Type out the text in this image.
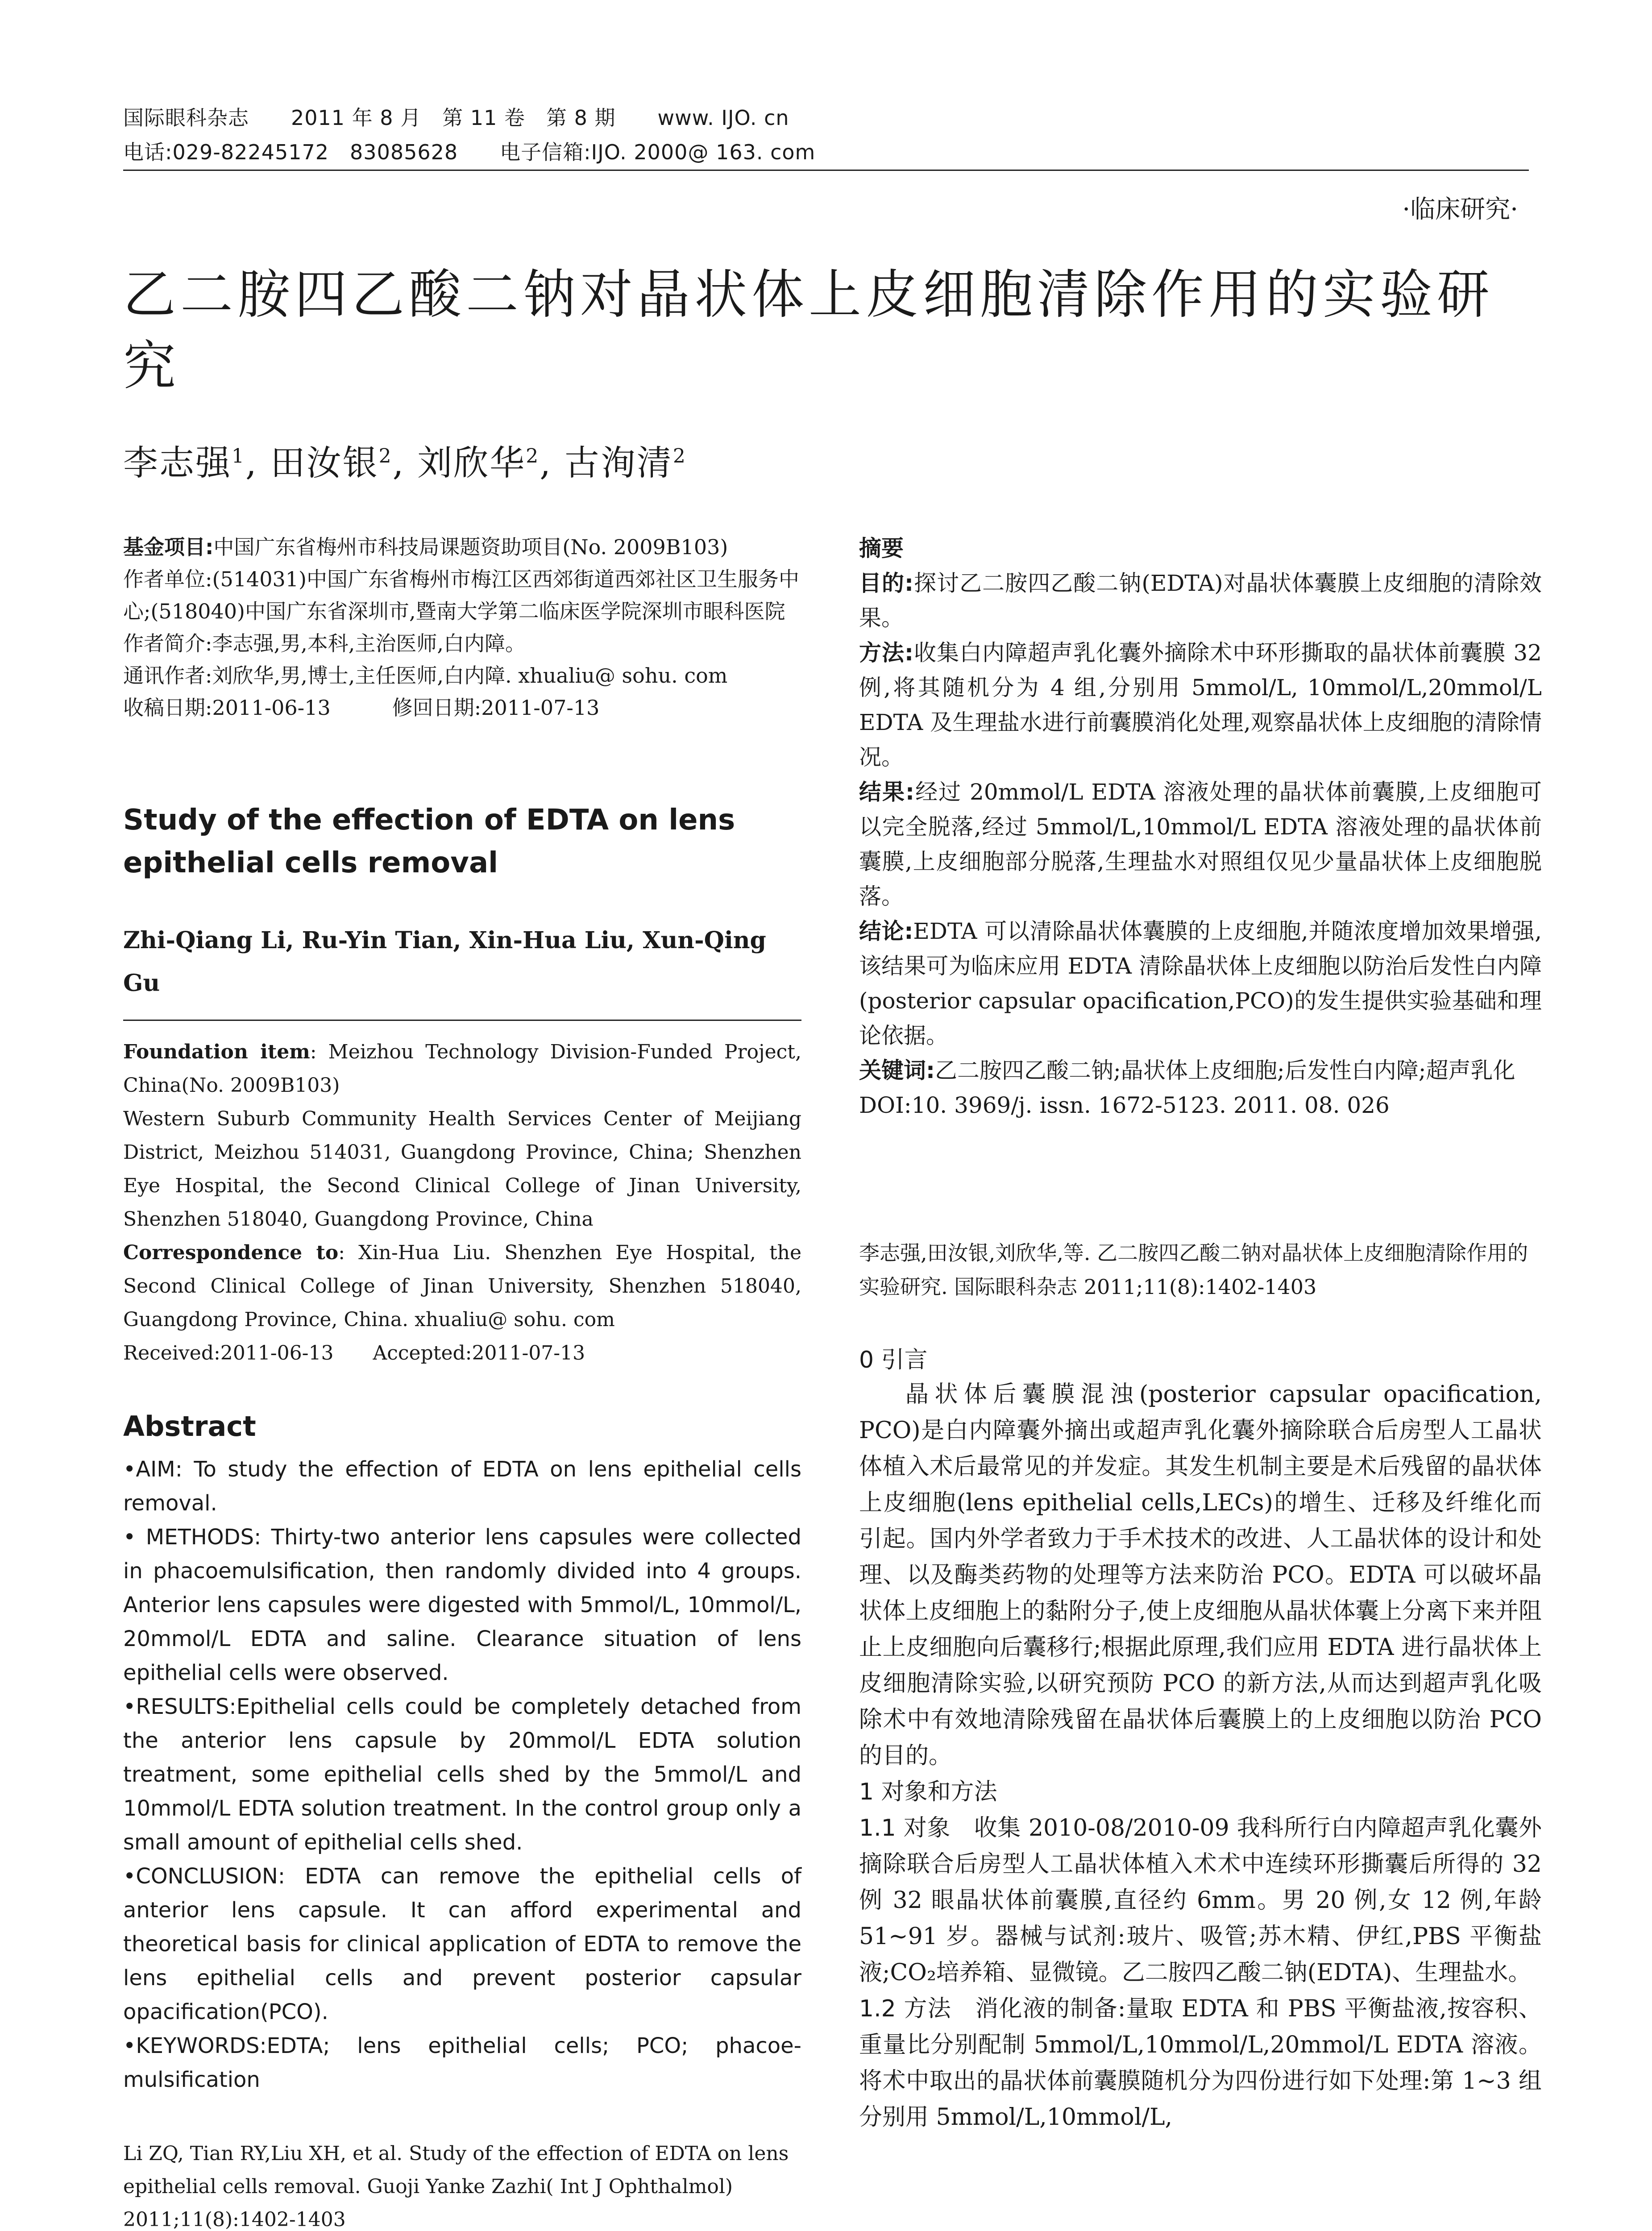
国际眼科杂志　　2011 年 8 月　第 11 卷　第 8 期　　www. IJO. cn
电话:029-82245172　83085628　　电子信箱:IJO. 2000@ 163. com
·临床研究·
乙二胺四乙酸二钠对晶状体上皮细胞清除作用的实验研究
李志强$^1$, 田汝银$^2$, 刘欣华$^2$, 古洵清$^2$
基金项目:中国广东省梅州市科技局课题资助项目(No. 2009B103)
作者单位:(514031)中国广东省梅州市梅江区西郊街道西郊社区卫生服务中心;(518040)中国广东省深圳市,暨南大学第二临床医学院深圳市眼科医院
作者简介:李志强,男,本科,主治医师,白内障。
通讯作者:刘欣华,男,博士,主任医师,白内障. xhualiu@ sohu. com
收稿日期:2011-06-13　　　修回日期:2011-07-13
Study of the effection of EDTA on lens epithelial cells removal
Zhi-Qiang Li, Ru-Yin Tian, Xin-Hua Liu, Xun-Qing Gu
Foundation item: Meizhou Technology Division-Funded Project, China(No. 2009B103)
Western Suburb Community Health Services Center of Meijiang District, Meizhou 514031, Guangdong Province, China; Shenzhen Eye Hospital, the Second Clinical College of Jinan University, Shenzhen 518040, Guangdong Province, China
Correspondence to: Xin-Hua Liu. Shenzhen Eye Hospital, the Second Clinical College of Jinan University, Shenzhen 518040, Guangdong Province, China. xhualiu@ sohu. com
Received:2011-06-13　　Accepted:2011-07-13
Abstract

•AIM: To study the effection of EDTA on lens epithelial cells removal.

• METHODS: Thirty-two anterior lens capsules were collected in phacoemulsification, then randomly divided into 4 groups. Anterior lens capsules were digested with 5mmol/L, 10mmol/L, 20mmol/L EDTA and saline. Clearance situation of lens epithelial cells were observed.

•RESULTS:Epithelial cells could be completely detached from the anterior lens capsule by 20mmol/L EDTA solution treatment, some epithelial cells shed by the 5mmol/L and 10mmol/L EDTA solution treatment. In the control group only a small amount of epithelial cells shed.

•CONCLUSION: EDTA can remove the epithelial cells of anterior lens capsule. It can afford experimental and theoretical basis for clinical application of EDTA to remove the lens epithelial cells and prevent posterior capsular opacification(PCO).

•KEYWORDS:EDTA; lens epithelial cells; PCO; phacoe-mulsification

Li ZQ, Tian RY,Liu XH, et al. Study of the effection of EDTA on lens epithelial cells removal. Guoji Yanke Zazhi( Int J Ophthalmol) 2011;11(8):1402-1403

摘要

目的:探讨乙二胺四乙酸二钠(EDTA)对晶状体囊膜上皮细胞的清除效果。

方法:收集白内障超声乳化囊外摘除术中环形撕取的晶状体前囊膜 32 例,将其随机分为 4 组,分别用 5mmol/L, 10mmol/L,20mmol/L EDTA 及生理盐水进行前囊膜消化处理,观察晶状体上皮细胞的清除情况。

结果:经过 20mmol/L EDTA 溶液处理的晶状体前囊膜,上皮细胞可以完全脱落,经过 5mmol/L,10mmol/L EDTA 溶液处理的晶状体前囊膜,上皮细胞部分脱落,生理盐水对照组仅见少量晶状体上皮细胞脱落。

结论:EDTA 可以清除晶状体囊膜的上皮细胞,并随浓度增加效果增强,该结果可为临床应用 EDTA 清除晶状体上皮细胞以防治后发性白内障(posterior capsular opacification,PCO)的发生提供实验基础和理论依据。

关键词:乙二胺四乙酸二钠;晶状体上皮细胞;后发性白内障;超声乳化

DOI:10. 3969/j. issn. 1672-5123. 2011. 08. 026

李志强,田汝银,刘欣华,等. 乙二胺四乙酸二钠对晶状体上皮细胞清除作用的实验研究. 国际眼科杂志 2011;11(8):1402-1403
0 引言

晶状体后囊膜混浊(posterior capsular opacification, PCO)是白内障囊外摘出或超声乳化囊外摘除联合后房型人工晶状体植入术后最常见的并发症。其发生机制主要是术后残留的晶状体上皮细胞(lens epithelial cells,LECs)的增生、迁移及纤维化而引起。国内外学者致力于手术技术的改进、人工晶状体的设计和处理、以及酶类药物的处理等方法来防治 PCO。EDTA 可以破坏晶状体上皮细胞上的黏附分子,使上皮细胞从晶状体囊上分离下来并阻止上皮细胞向后囊移行;根据此原理,我们应用 EDTA 进行晶状体上皮细胞清除实验,以研究预防 PCO 的新方法,从而达到超声乳化吸除术中有效地清除残留在晶状体后囊膜上的上皮细胞以防治 PCO 的目的。

1 对象和方法

1.1 对象　 收集 2010-08/2010-09 我科所行白内障超声乳化囊外摘除联合后房型人工晶状体植入术术中连续环形撕囊后所得的 32 例 32 眼晶状体前囊膜,直径约 6mm。男 20 例,女 12 例,年龄 51~91 岁。器械与试剂:玻片、吸管;苏木精、伊红,PBS 平衡盐液;CO₂培养箱、显微镜。乙二胺四乙酸二钠(EDTA)、生理盐水。

1.2 方法　 消化液的制备:量取 EDTA 和 PBS 平衡盐液,按容积、重量比分别配制 5mmol/L,10mmol/L,20mmol/L EDTA 溶液。将术中取出的晶状体前囊膜随机分为四份进行如下处理:第 1~3 组分别用 5mmol/L,10mmol/L,
